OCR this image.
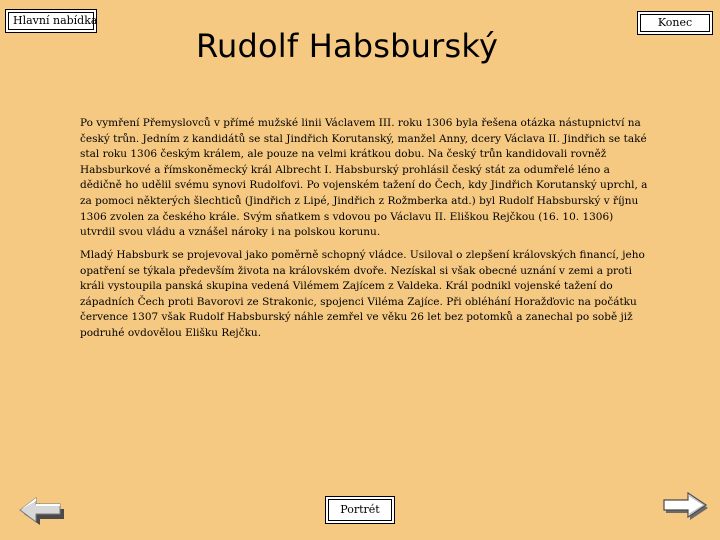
Hlavní nabídka	Konec
Rudolf Habsburský

Po vymření Přemyslovců v přímé mužské linii Václavem III. roku 1306 byla řešena otázka nástupnictví na český trůn. Jedním z kandidátů se stal Jindřich Korutanský, manžel Anny, dcery Václava II. Jindřich se také stal roku 1306 českým králem, ale pouze na velmi krátkou dobu. Na český trůn kandidovali rovněž Habsburkové a římskoněmecký král Albrecht I. Habsburský prohlásil český stát za odumřelé léno a dědičně ho udělil svému synovi Rudolfovi. Po vojenském tažení do Čech, kdy Jindřich Korutanský uprchl, a za pomoci některých šlechticů (Jindřich z Lipé, Jindřich z Rožmberka atd.) byl Rudolf Habsburský v říjnu 1306 zvolen za českého krále. Svým sňatkem s vdovou po Václavu II. Eliškou Rejčkou (16. 10. 1306) utvrdil svou vládu a vznášel nároky i na polskou korunu.

Mladý Habsburk se projevoval jako poměrně schopný vládce. Usiloval o zlepšení královských financí, jeho opatření se týkala především života na královském dvoře. Nezískal si však obecné uznání v zemi a proti králi vystoupila panská skupina vedená Vilémem Zajícem z Valdeka. Král podnikl vojenské tažení do západních Čech proti Bavorovi ze Strakonic, spojenci Viléma Zajíce. Při obléhání Horažďovic na počátku července 1307 však Rudolf Habsburský náhle zemřel ve věku 26 let bez potomků a zanechal po sobě již podruhé ovdovělou Elišku Rejčku.

Portrét
